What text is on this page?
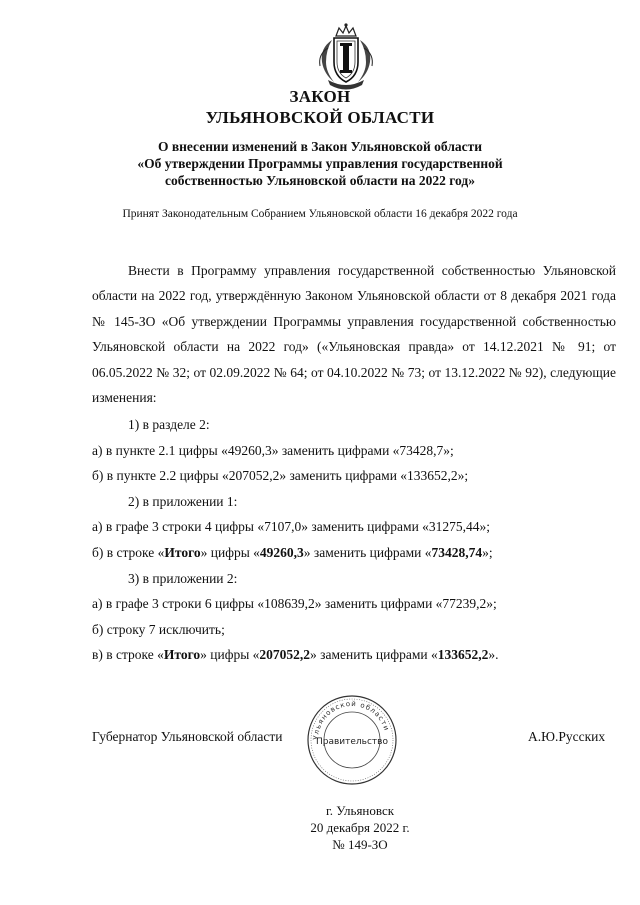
ЗАКОН
УЛЬЯНОВСКОЙ ОБЛАСТИ
О внесении изменений в Закон Ульяновской области
«Об утверждении Программы управления государственной
собственностью Ульяновской области на 2022 год»
Принят Законодательным Собранием Ульяновской области 16 декабря 2022 года
Внести в Программу управления государственной собственностью Ульяновской области на 2022 год, утверждённую Законом Ульяновской области от 8 декабря 2021 года № 145-ЗО «Об утверждении Программы управления государственной собственностью Ульяновской области на 2022 год» («Ульяновская правда» от 14.12.2021 № 91; от 06.05.2022 № 32; от 02.09.2022 № 64; от 04.10.2022 № 73; от 13.12.2022 № 92), следующие изменения:
1) в разделе 2:
а) в пункте 2.1 цифры «49260,3» заменить цифрами «73428,7»;
б) в пункте 2.2 цифры «207052,2» заменить цифрами «133652,2»;
2) в приложении 1:
а) в графе 3 строки 4 цифры «7107,0» заменить цифрами «31275,44»;
б) в строке «Итого» цифры «49260,3» заменить цифрами «73428,74»;
3) в приложении 2:
а) в графе 3 строки 6 цифры «108639,2» заменить цифрами «77239,2»;
б) строку 7 исключить;
в) в строке «Итого» цифры «207052,2» заменить цифрами «133652,2».
Губернатор Ульяновской области	А.Ю.Русских
Ульяновской области
Правительство
г. Ульяновск
20 декабря 2022 г.
№ 149-ЗО
